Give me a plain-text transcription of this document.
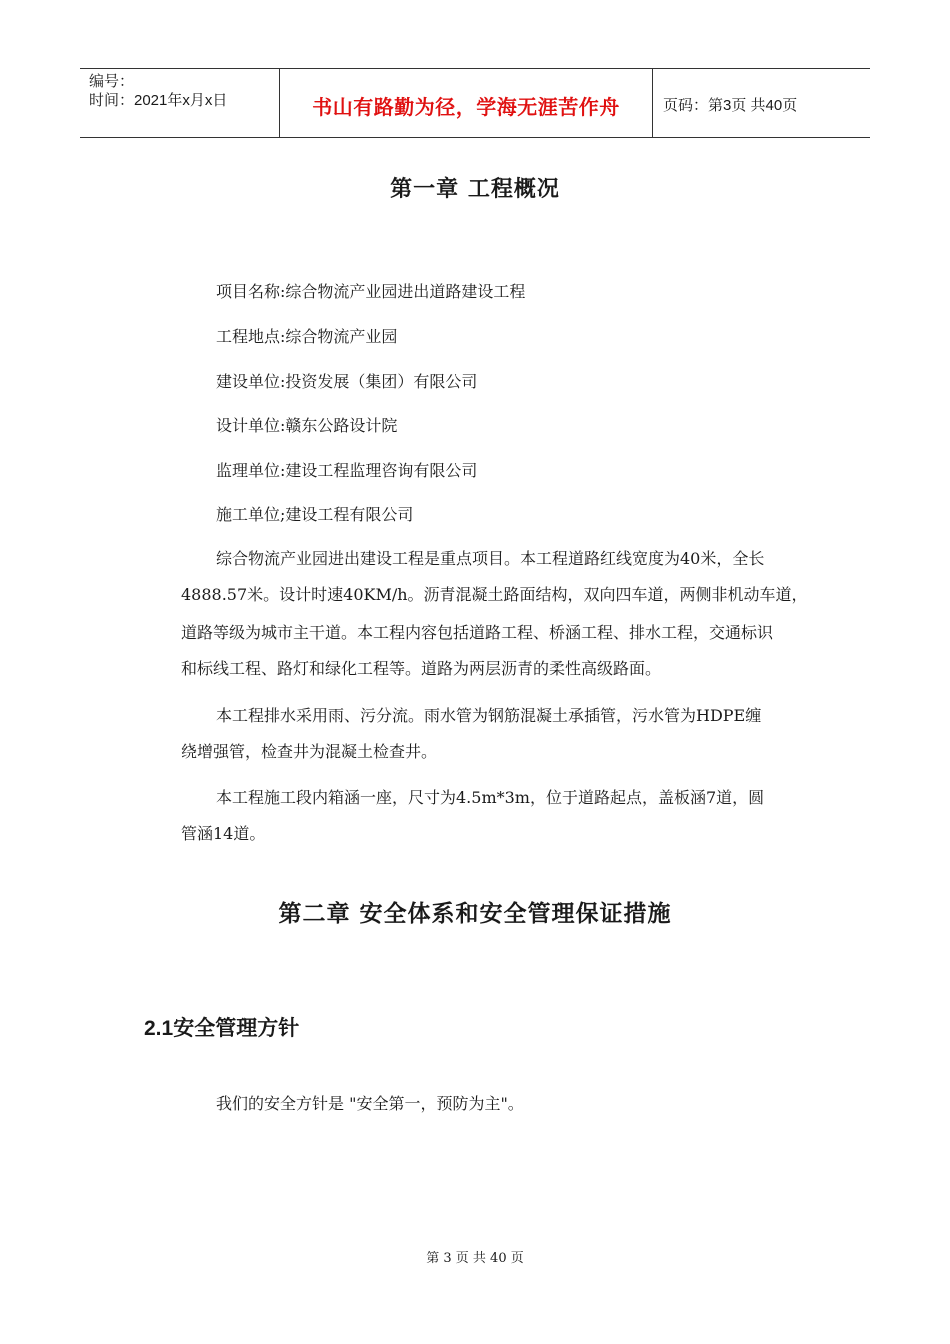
编号：
时间：2021年x月x日	书山有路勤为径，学海无涯苦作舟	页码：第3页 共40页
第一章 工程概况
项目名称:综合物流产业园进出道路建设工程
工程地点:综合物流产业园
建设单位:投资发展（集团）有限公司
设计单位:赣东公路设计院
监理单位:建设工程监理咨询有限公司
施工单位;建设工程有限公司
综合物流产业园进出建设工程是重点项目。本工程道路红线宽度为40米，全长
4888.57米。设计时速40KM/h。沥青混凝土路面结构，双向四车道，两侧非机动车道，
道路等级为城市主干道。本工程内容包括道路工程、桥涵工程、排水工程，交通标识
和标线工程、路灯和绿化工程等。道路为两层沥青的柔性高级路面。
本工程排水采用雨、污分流。雨水管为钢筋混凝土承插管，污水管为HDPE缠
绕增强管，检查井为混凝土检查井。
本工程施工段内箱涵一座，尺寸为4.5m*3m，位于道路起点，盖板涵7道，圆
管涵14道。
第二章 安全体系和安全管理保证措施
2.1安全管理方针
我们的安全方针是 "安全第一，预防为主"。
第 3 页 共 40 页
